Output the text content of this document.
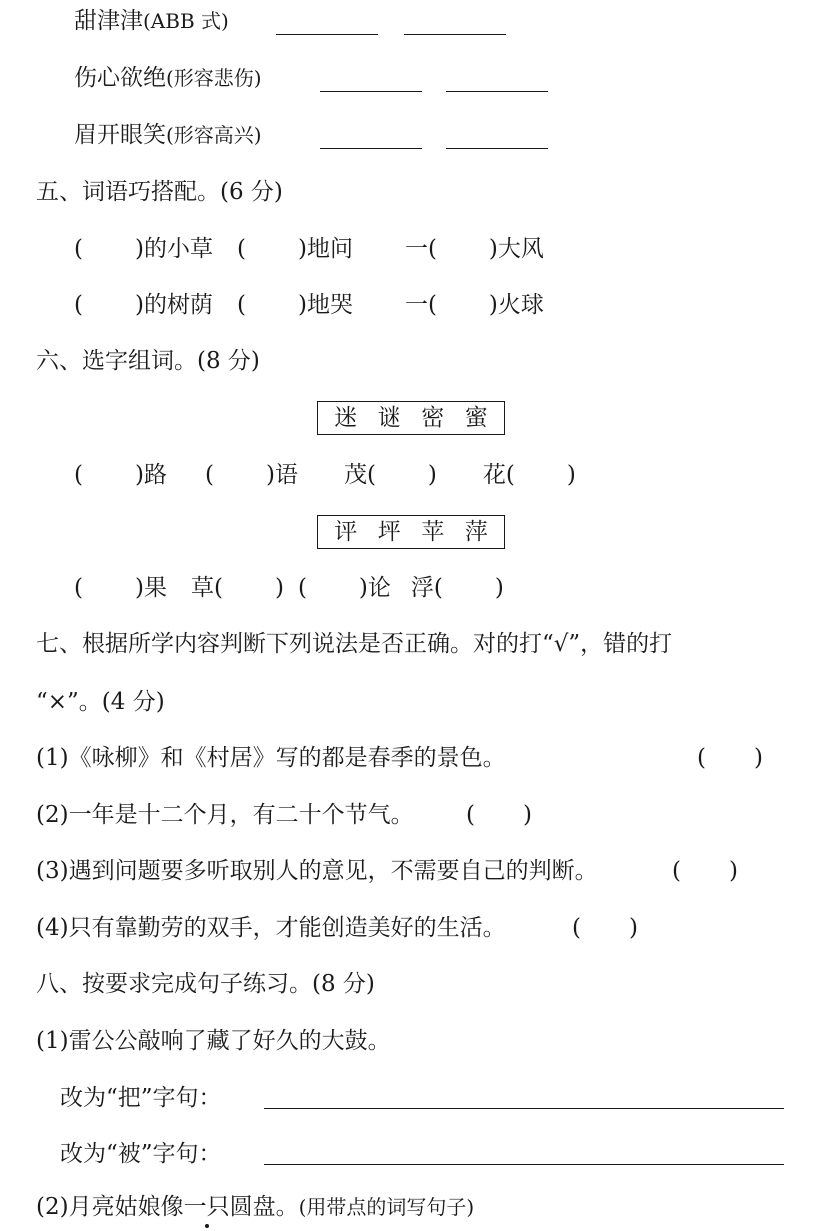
甜津津(ABB 式)
伤心欲绝(形容悲伤)
眉开眼笑(形容高兴)
五、词语巧搭配。(6 分)
( )的小草 ( )地问 一( )大风
( )的树荫 ( )地哭 一( )火球
六、选字组词。(8 分)
迷 谜 密 蜜
( )路 ( )语 茂( ) 花( )
评 坪 苹 萍
( )果 草( ) ( )论 浮( )
七、根据所学内容判断下列说法是否正确。对的打“√”，错的打
“×”。(4 分)
(1)《咏柳》和《村居》写的都是春季的景色。	( )
(2)一年是十二个月，有二十个节气。 ( )
(3)遇到问题要多听取别人的意见，不需要自己的判断。	( )
(4)只有靠勤劳的双手，才能创造美好的生活。	( )
八、按要求完成句子练习。(8 分)
(1)雷公公敲响了藏了好久的大鼓。
改为“把”字句：
改为“被”字句：
(2)月亮姑娘像一只圆盘。(用带点的词写句子)
